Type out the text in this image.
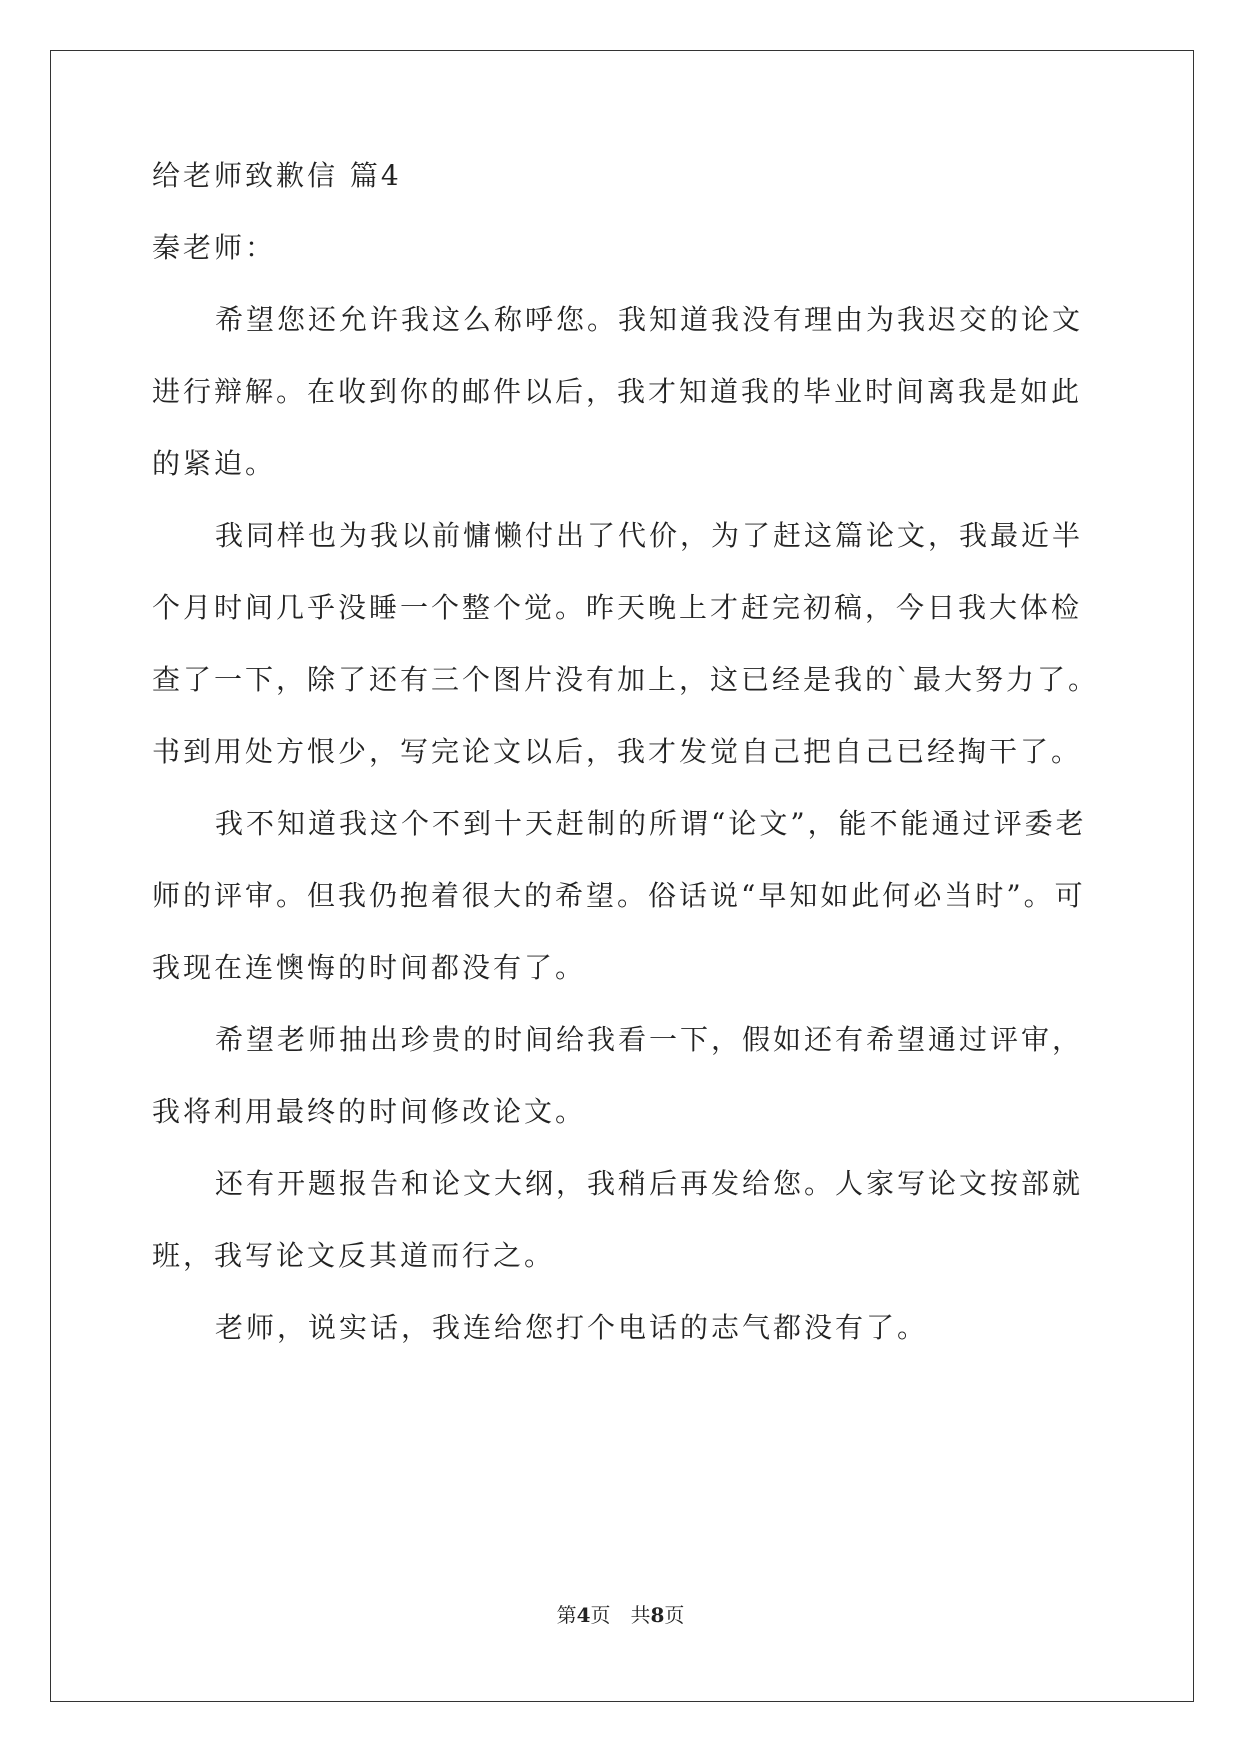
给老师致歉信 篇4
秦老师：
希望您还允许我这么称呼您。我知道我没有理由为我迟交的论文
进行辩解。在收到你的邮件以后，我才知道我的毕业时间离我是如此
的紧迫。
我同样也为我以前慵懒付出了代价，为了赶这篇论文，我最近半
个月时间几乎没睡一个整个觉。昨天晚上才赶完初稿，今日我大体检
查了一下，除了还有三个图片没有加上，这已经是我的`最大努力了。
书到用处方恨少，写完论文以后，我才发觉自己把自己已经掏干了。
我不知道我这个不到十天赶制的所谓“论文”，能不能通过评委老
师的评审。但我仍抱着很大的希望。俗话说“早知如此何必当时”。可
我现在连懊悔的时间都没有了。
希望老师抽出珍贵的时间给我看一下，假如还有希望通过评审，
我将利用最终的时间修改论文。
还有开题报告和论文大纲，我稍后再发给您。人家写论文按部就
班，我写论文反其道而行之。
老师，说实话，我连给您打个电话的志气都没有了。
第4页 共8页
